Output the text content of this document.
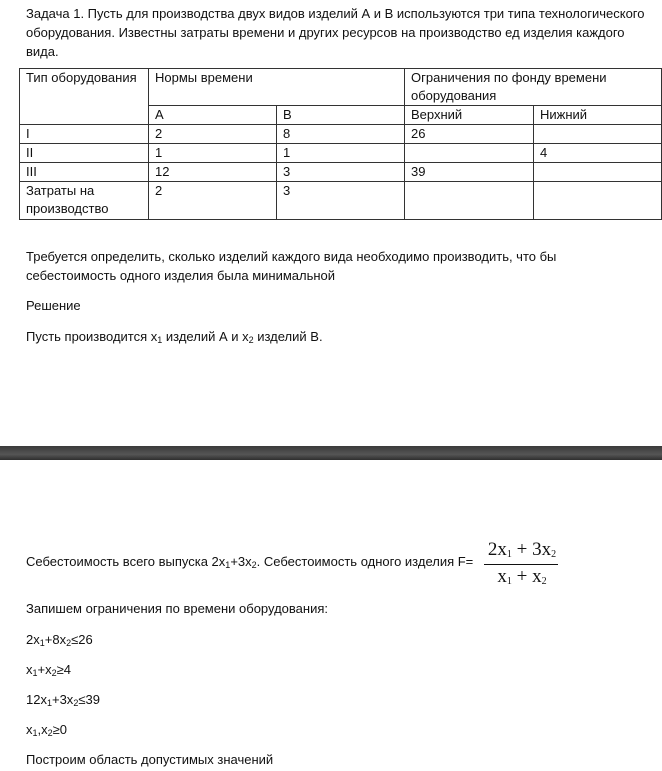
Задача 1. Пусть для производства двух видов изделий А и В используются три типа технологического оборудования. Известны затраты времени и других ресурсов на производство ед изделия каждого вида.

Тип оборудования	Нормы времени		Ограничения по фонду времени оборудования	
	А	В	Верхний	Нижний
I	2	8	26	
II	1	1		4
III	12	3	39	
Затраты на производство	2	3		

Требуется определить, сколько изделий каждого вида необходимо производить, что бы себестоимость одного изделия была минимальной

Решение

Пусть производится $x_1$ изделий А и $x_2$ изделий В.

Себестоимость всего выпуска $2x_1+3x_2$. Себестоимость одного изделия F=

$2x_1 + 3x_2$
$x_1 + x_2$

Запишем ограничения по времени оборудования:

$2x_1+8x_2\le 26$

$x_1+x_2\ge 4$

$12x_1+3x_2\le 39$

$x_1,x_2\ge 0$

Построим область допустимых значений
